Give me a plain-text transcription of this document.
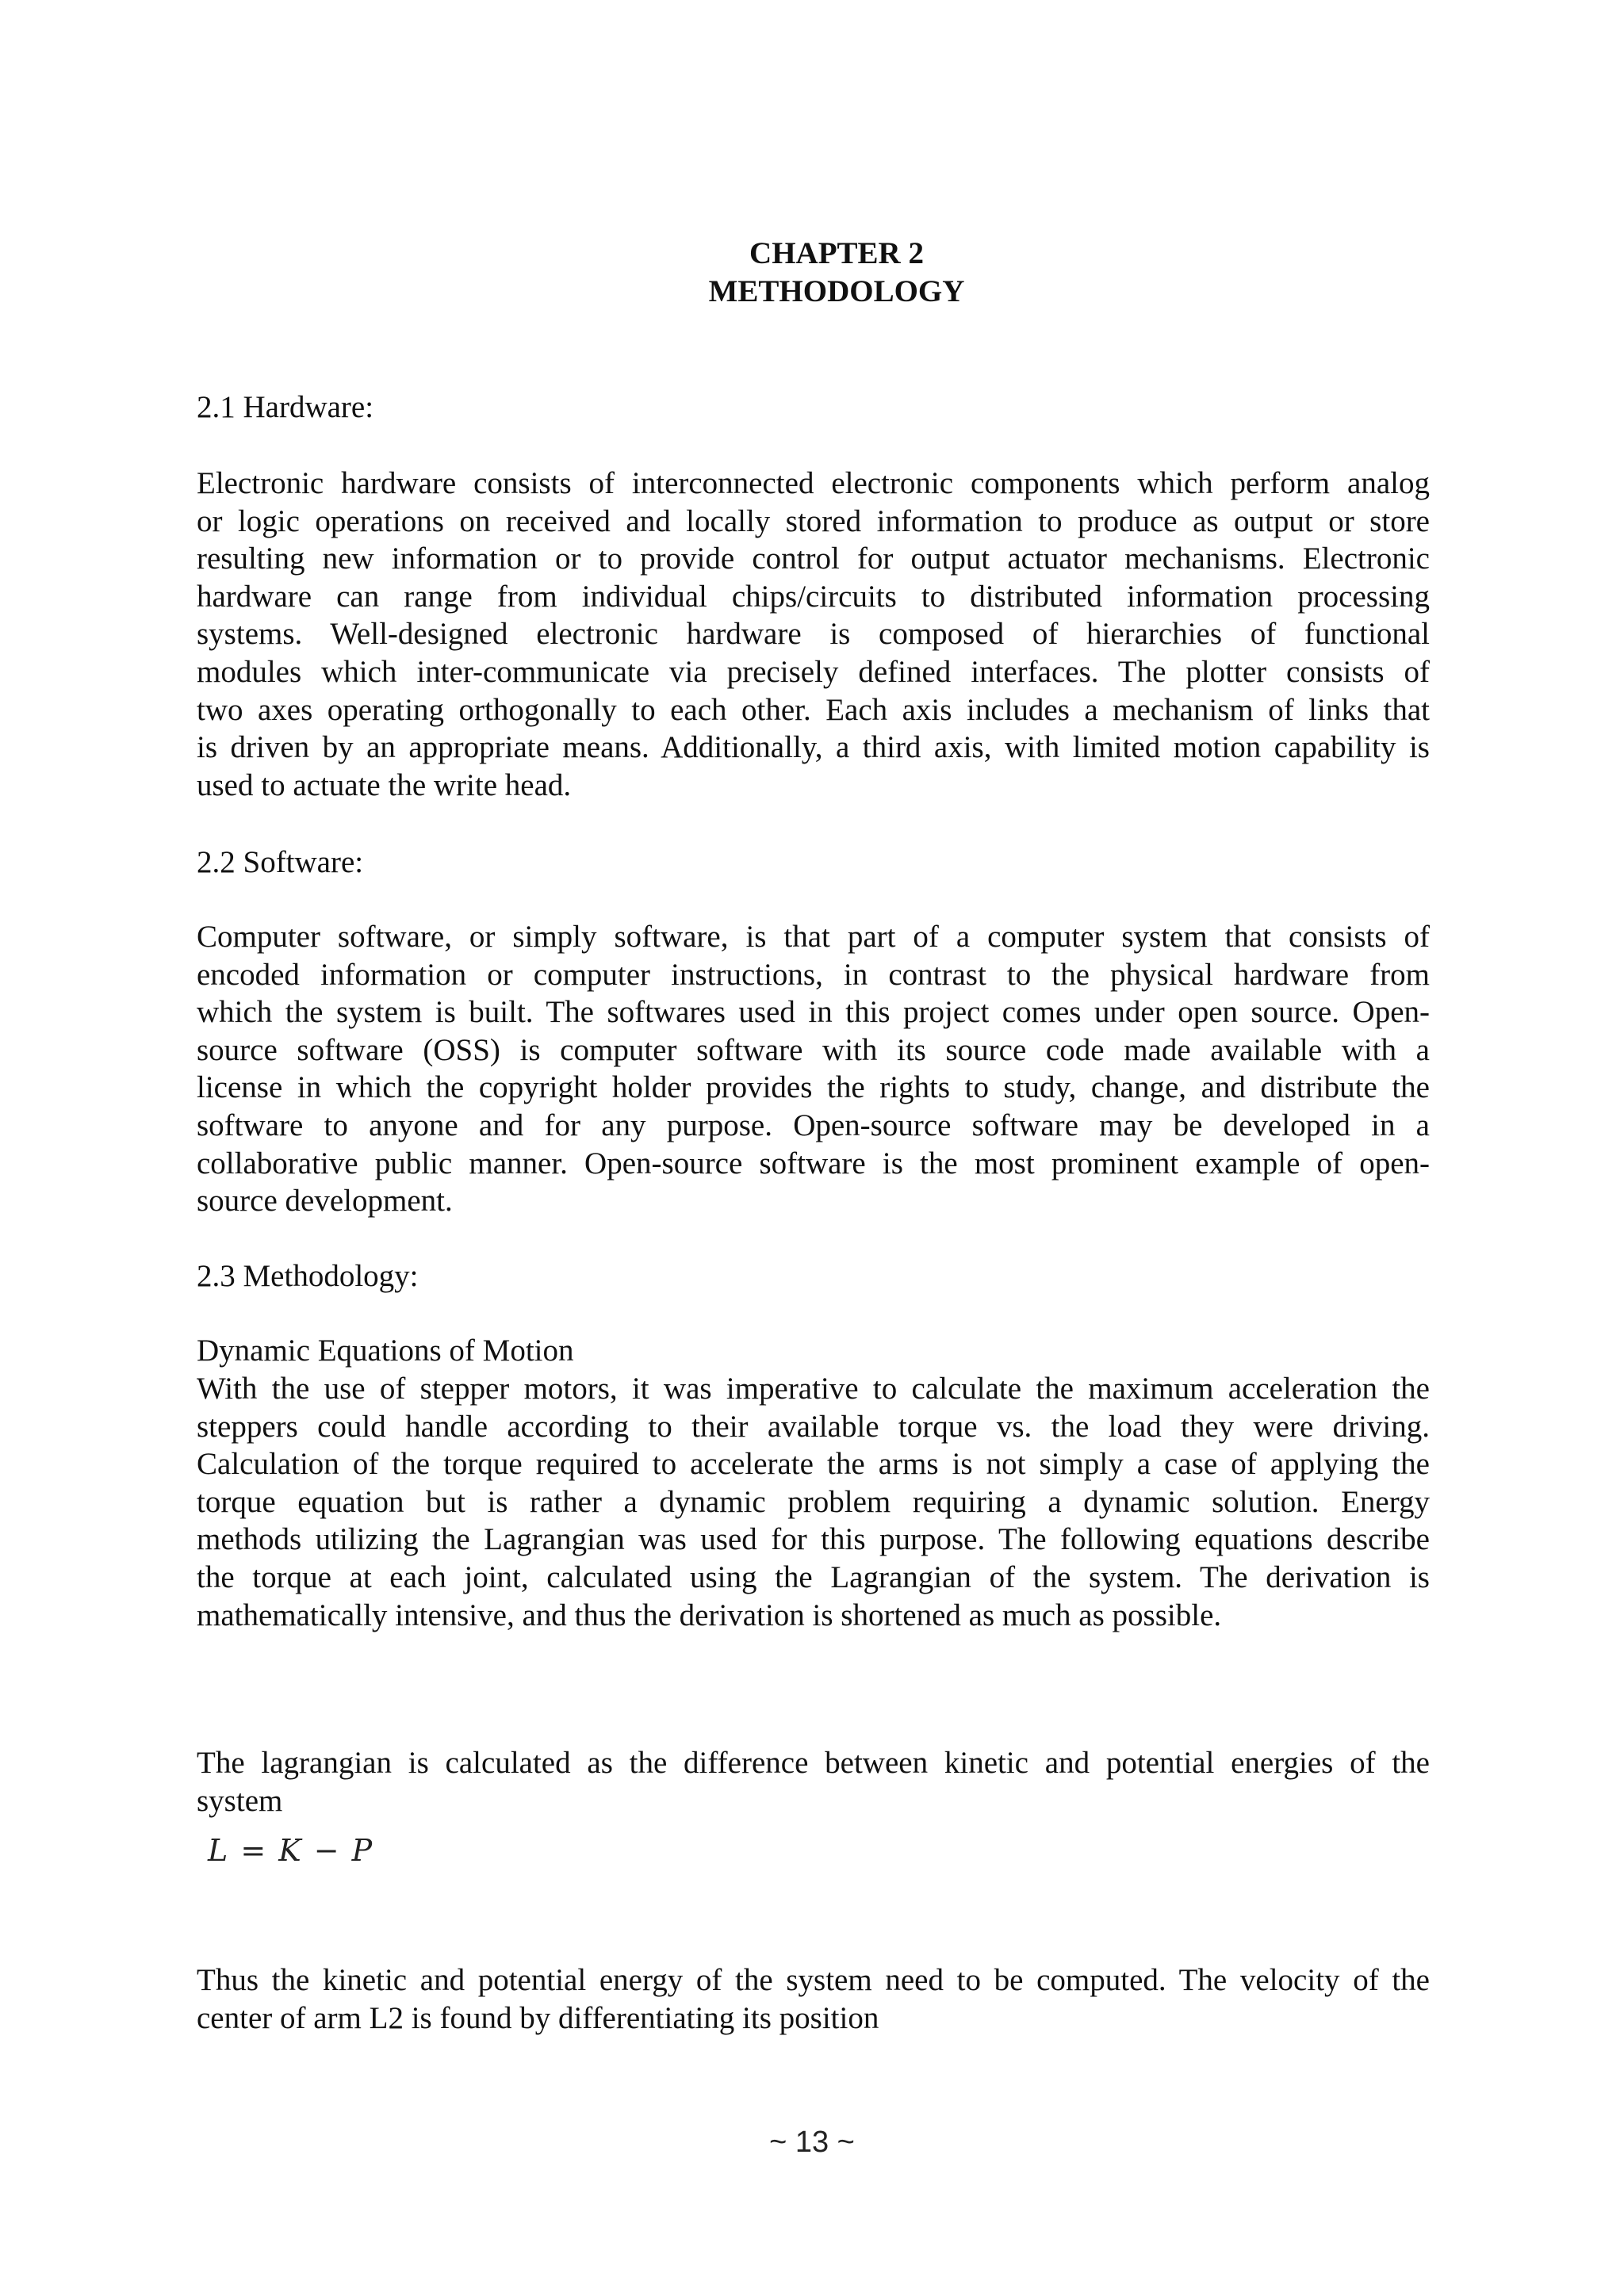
CHAPTER 2
METHODOLOGY
2.1 Hardware:
Electronic hardware consists of interconnected electronic components which perform analog
or logic operations on received and locally stored information to produce as output or store
resulting new information or to provide control for output actuator mechanisms. Electronic
hardware can range from individual chips/circuits to distributed information processing
systems. Well-designed electronic hardware is composed of hierarchies of functional
modules which inter-communicate via precisely defined interfaces. The plotter consists of
two axes operating orthogonally to each other. Each axis includes a mechanism of links that
is driven by an appropriate means. Additionally, a third axis, with limited motion capability is
used to actuate the write head.
2.2 Software:
Computer software, or simply software, is that part of a computer system that consists of
encoded information or computer instructions, in contrast to the physical hardware from
which the system is built. The softwares used in this project comes under open source. Open-
source software (OSS) is computer software with its source code made available with a
license in which the copyright holder provides the rights to study, change, and distribute the
software to anyone and for any purpose. Open-source software may be developed in a
collaborative public manner. Open-source software is the most prominent example of open-
source development.
2.3 Methodology:
Dynamic Equations of Motion
With the use of stepper motors, it was imperative to calculate the maximum acceleration the
steppers could handle according to their available torque vs. the load they were driving.
Calculation of the torque required to accelerate the arms is not simply a case of applying the
torque equation but is rather a dynamic problem requiring a dynamic solution. Energy
methods utilizing the Lagrangian was used for this purpose. The following equations describe
the torque at each joint, calculated using the Lagrangian of the system. The derivation is
mathematically intensive, and thus the derivation is shortened as much as possible.
The lagrangian is calculated as the difference between kinetic and potential energies of the
system
L = K − P
Thus the kinetic and potential energy of the system need to be computed. The velocity of the
center of arm L2 is found by differentiating its position
~ 13 ~
